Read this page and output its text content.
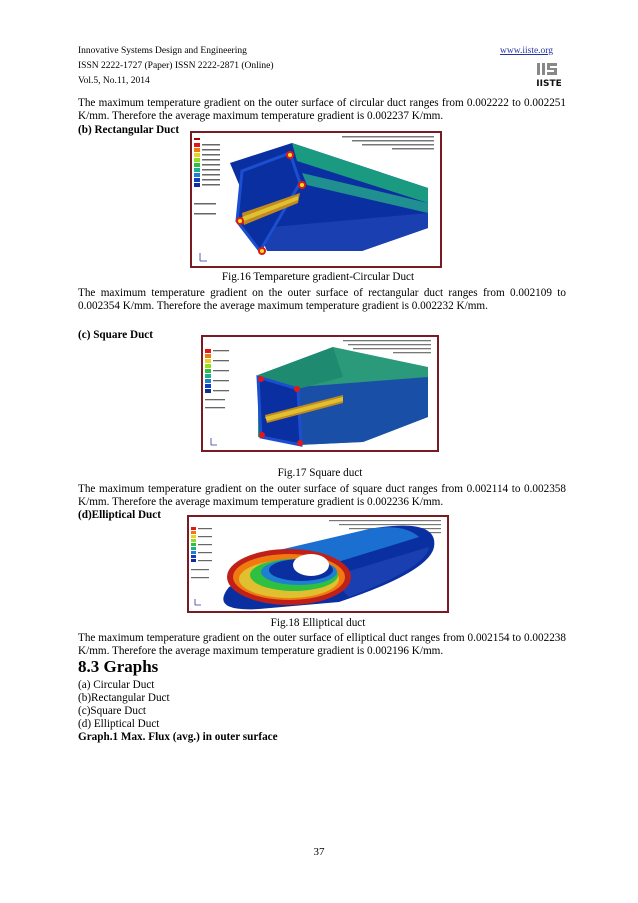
Innovative Systems Design and Engineering
ISSN 2222-1727 (Paper) ISSN 2222-2871 (Online)
Vol.5, No.11, 2014
www.iiste.org
IISTE
The maximum temperature gradient on the outer surface of circular duct ranges from 0.002222 to 0.002251 K/mm. Therefore the average maximum temperature gradient is 0.002237 K/mm.
(b) Rectangular Duct
Fig.16 Tempareture gradient-Circular Duct
The maximum temperature gradient on the outer surface of rectangular duct ranges from 0.002109 to 0.002354 K/mm. Therefore the average maximum temperature gradient is 0.002232 K/mm.
(c) Square Duct
Fig.17 Square duct
The maximum temperature gradient on the outer surface of square duct ranges from 0.002114 to 0.002358 K/mm. Therefore the average maximum temperature gradient is 0.002236 K/mm.
(d)Elliptical Duct
Fig.18 Elliptical duct
The maximum temperature gradient on the outer surface of elliptical duct ranges from 0.002154 to 0.002238 K/mm. Therefore the average maximum temperature gradient is 0.002196 K/mm.
8.3 Graphs
(a) Circular Duct
(b)Rectangular Duct
(c)Square Duct
(d) Elliptical Duct
Graph.1 Max. Flux (avg.) in outer surface
37
